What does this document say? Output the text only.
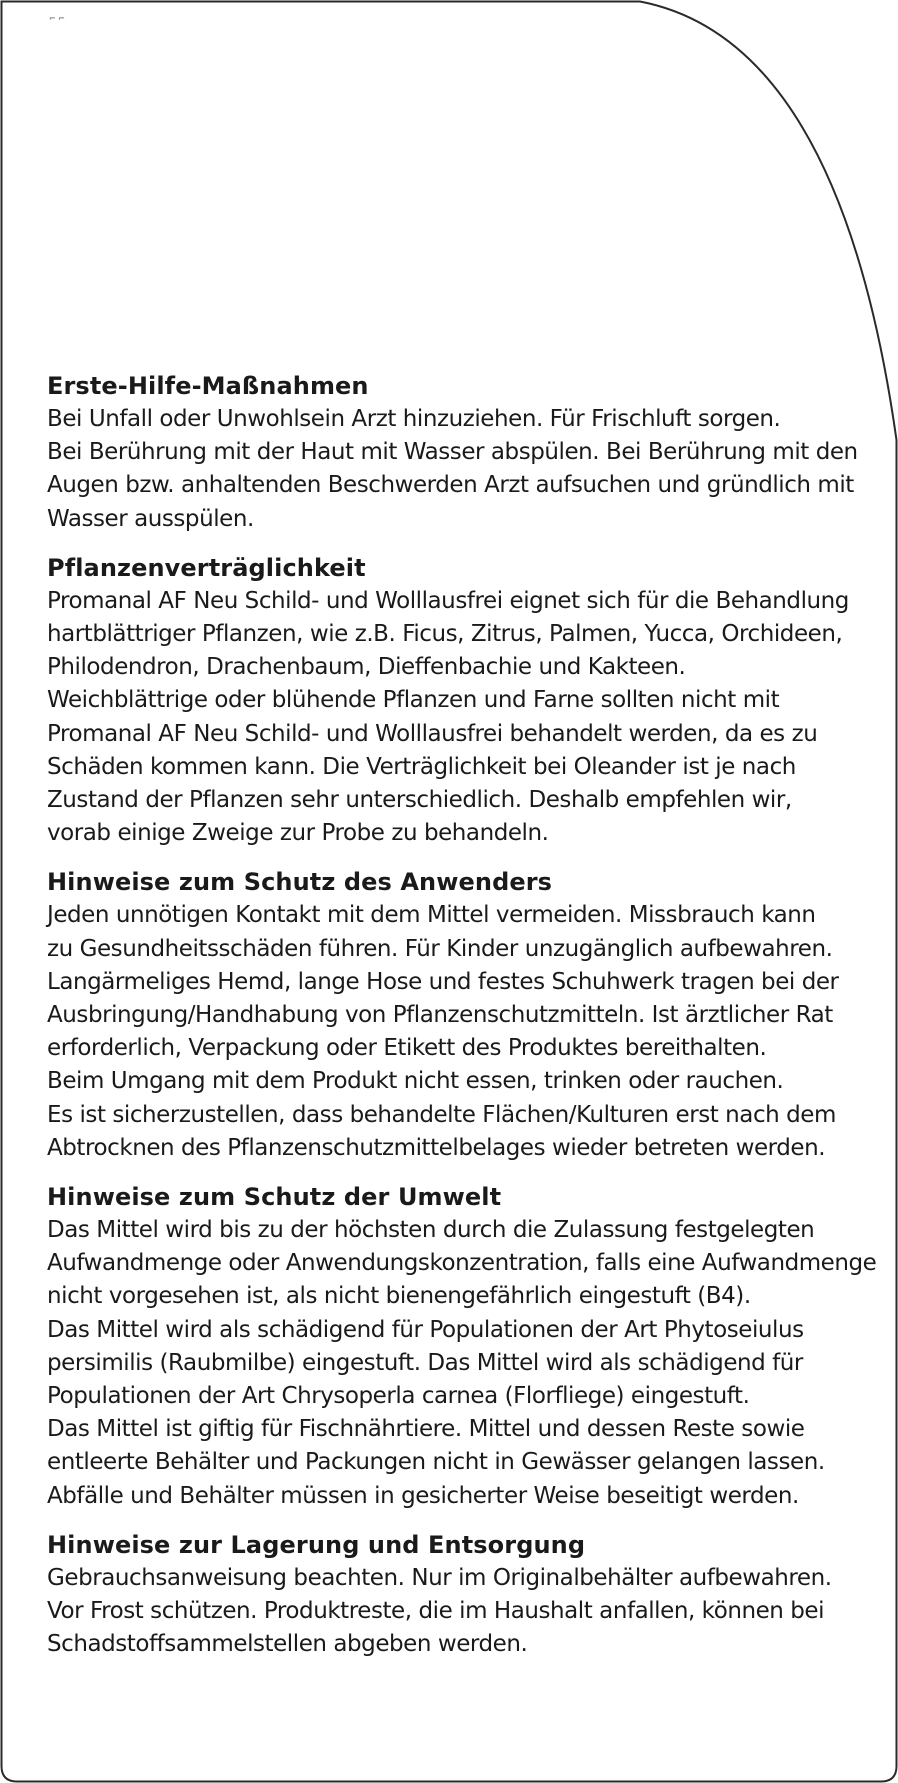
⌐ ⌐
Erste-Hilfe-Maßnahmen
Bei Unfall oder Unwohlsein Arzt hinzuziehen. Für Frischluft sorgen.
Bei Berührung mit der Haut mit Wasser abspülen. Bei Berührung mit den
Augen bzw. anhaltenden Beschwerden Arzt aufsuchen und gründlich mit
Wasser ausspülen.
Pflanzenverträglichkeit
Promanal AF Neu Schild- und Wolllausfrei eignet sich für die Behandlung
hartblättriger Pflanzen, wie z.B. Ficus, Zitrus, Palmen, Yucca, Orchideen,
Philodendron, Drachenbaum, Dieffenbachie und Kakteen.
Weichblättrige oder blühende Pflanzen und Farne sollten nicht mit
Promanal AF Neu Schild- und Wolllausfrei behandelt werden, da es zu
Schäden kommen kann. Die Verträglichkeit bei Oleander ist je nach
Zustand der Pflanzen sehr unterschiedlich. Deshalb empfehlen wir,
vorab einige Zweige zur Probe zu behandeln.
Hinweise zum Schutz des Anwenders
Jeden unnötigen Kontakt mit dem Mittel vermeiden. Missbrauch kann
zu Gesundheitsschäden führen. Für Kinder unzugänglich aufbewahren.
Langärmeliges Hemd, lange Hose und festes Schuhwerk tragen bei der
Ausbringung/Handhabung von Pflanzenschutzmitteln. Ist ärztlicher Rat
erforderlich, Verpackung oder Etikett des Produktes bereithalten.
Beim Umgang mit dem Produkt nicht essen, trinken oder rauchen.
Es ist sicherzustellen, dass behandelte Flächen/Kulturen erst nach dem
Abtrocknen des Pflanzenschutzmittelbelages wieder betreten werden.
Hinweise zum Schutz der Umwelt
Das Mittel wird bis zu der höchsten durch die Zulassung festgelegten
Aufwandmenge oder Anwendungskonzentration, falls eine Aufwandmenge
nicht vorgesehen ist, als nicht bienengefährlich eingestuft (B4).
Das Mittel wird als schädigend für Populationen der Art Phytoseiulus
persimilis (Raubmilbe) eingestuft. Das Mittel wird als schädigend für
Populationen der Art Chrysoperla carnea (Florfliege) eingestuft.
Das Mittel ist giftig für Fischnährtiere. Mittel und dessen Reste sowie
entleerte Behälter und Packungen nicht in Gewässer gelangen lassen.
Abfälle und Behälter müssen in gesicherter Weise beseitigt werden.
Hinweise zur Lagerung und Entsorgung
Gebrauchsanweisung beachten. Nur im Originalbehälter aufbewahren.
Vor Frost schützen. Produktreste, die im Haushalt anfallen, können bei
Schadstoffsammelstellen abgeben werden.
